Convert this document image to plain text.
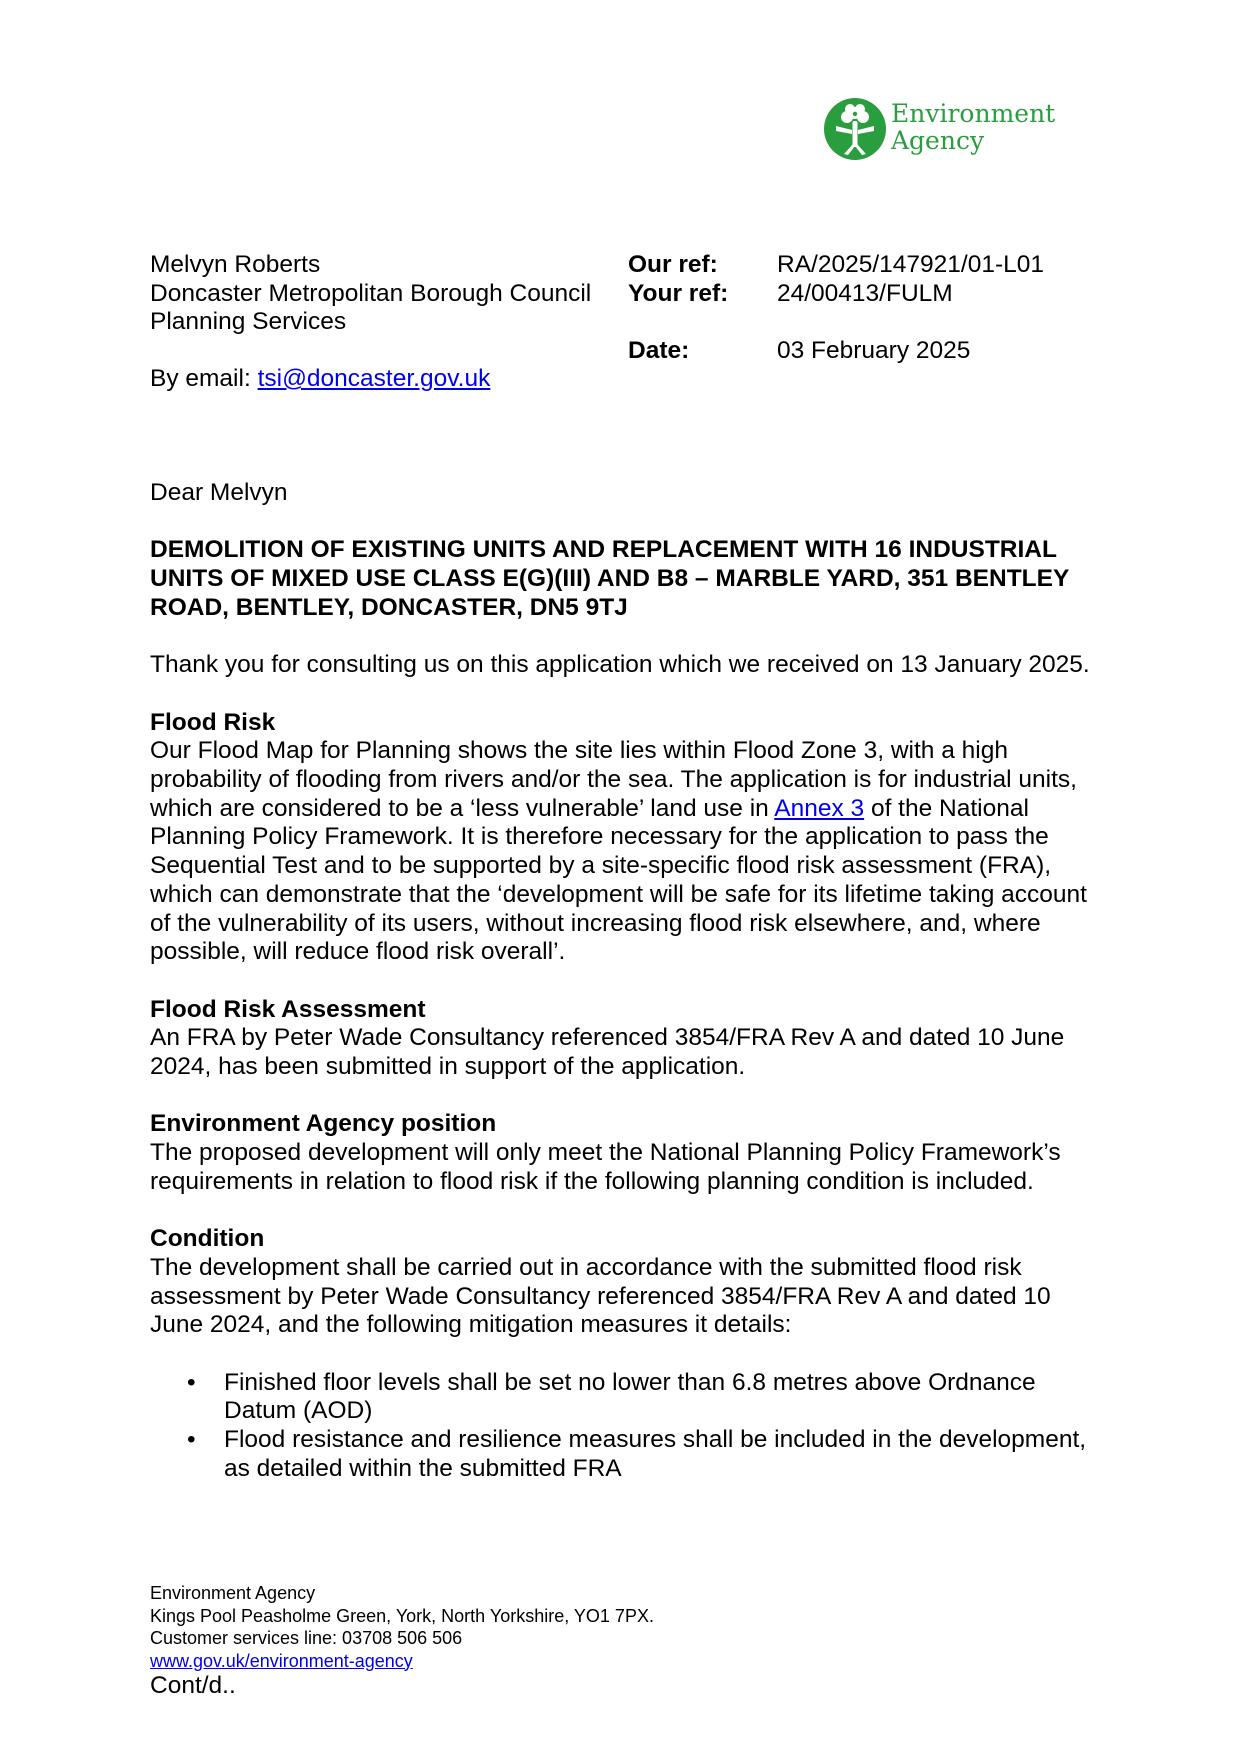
Environment
Agency
Melvyn Roberts
Doncaster Metropolitan Borough Council
Planning Services
By email: tsi@doncaster.gov.uk
Our ref: RA/2025/147921/01-L01
Your ref: 24/00413/FULM
Date:	03 February 2025

Dear Melvyn

DEMOLITION OF EXISTING UNITS AND REPLACEMENT WITH 16 INDUSTRIAL UNITS OF MIXED USE CLASS E(G)(III) AND B8 – MARBLE YARD, 351 BENTLEY ROAD, BENTLEY, DONCASTER, DN5 9TJ

Thank you for consulting us on this application which we received on 13 January 2025.

Flood Risk

Our Flood Map for Planning shows the site lies within Flood Zone 3, with a high probability of flooding from rivers and/or the sea. The application is for industrial units, which are considered to be a ‘less vulnerable’ land use in Annex 3 of the National Planning Policy Framework. It is therefore necessary for the application to pass the Sequential Test and to be supported by a site-specific flood risk assessment (FRA), which can demonstrate that the ‘development will be safe for its lifetime taking account of the vulnerability of its users, without increasing flood risk elsewhere, and, where possible, will reduce flood risk overall’.

Flood Risk Assessment

An FRA by Peter Wade Consultancy referenced 3854/FRA Rev A and dated 10 June 2024, has been submitted in support of the application.

Environment Agency position

The proposed development will only meet the National Planning Policy Framework’s requirements in relation to flood risk if the following planning condition is included.

Condition

The development shall be carried out in accordance with the submitted flood risk assessment by Peter Wade Consultancy referenced 3854/FRA Rev A and dated 10 June 2024, and the following mitigation measures it details:

• Finished floor levels shall be set no lower than 6.8 metres above Ordnance Datum (AOD)
• Flood resistance and resilience measures shall be included in the development, as detailed within the submitted FRA
Environment Agency
Kings Pool Peasholme Green, York, North Yorkshire, YO1 7PX.
Customer services line: 03708 506 506
www.gov.uk/environment-agency
Cont/d..
